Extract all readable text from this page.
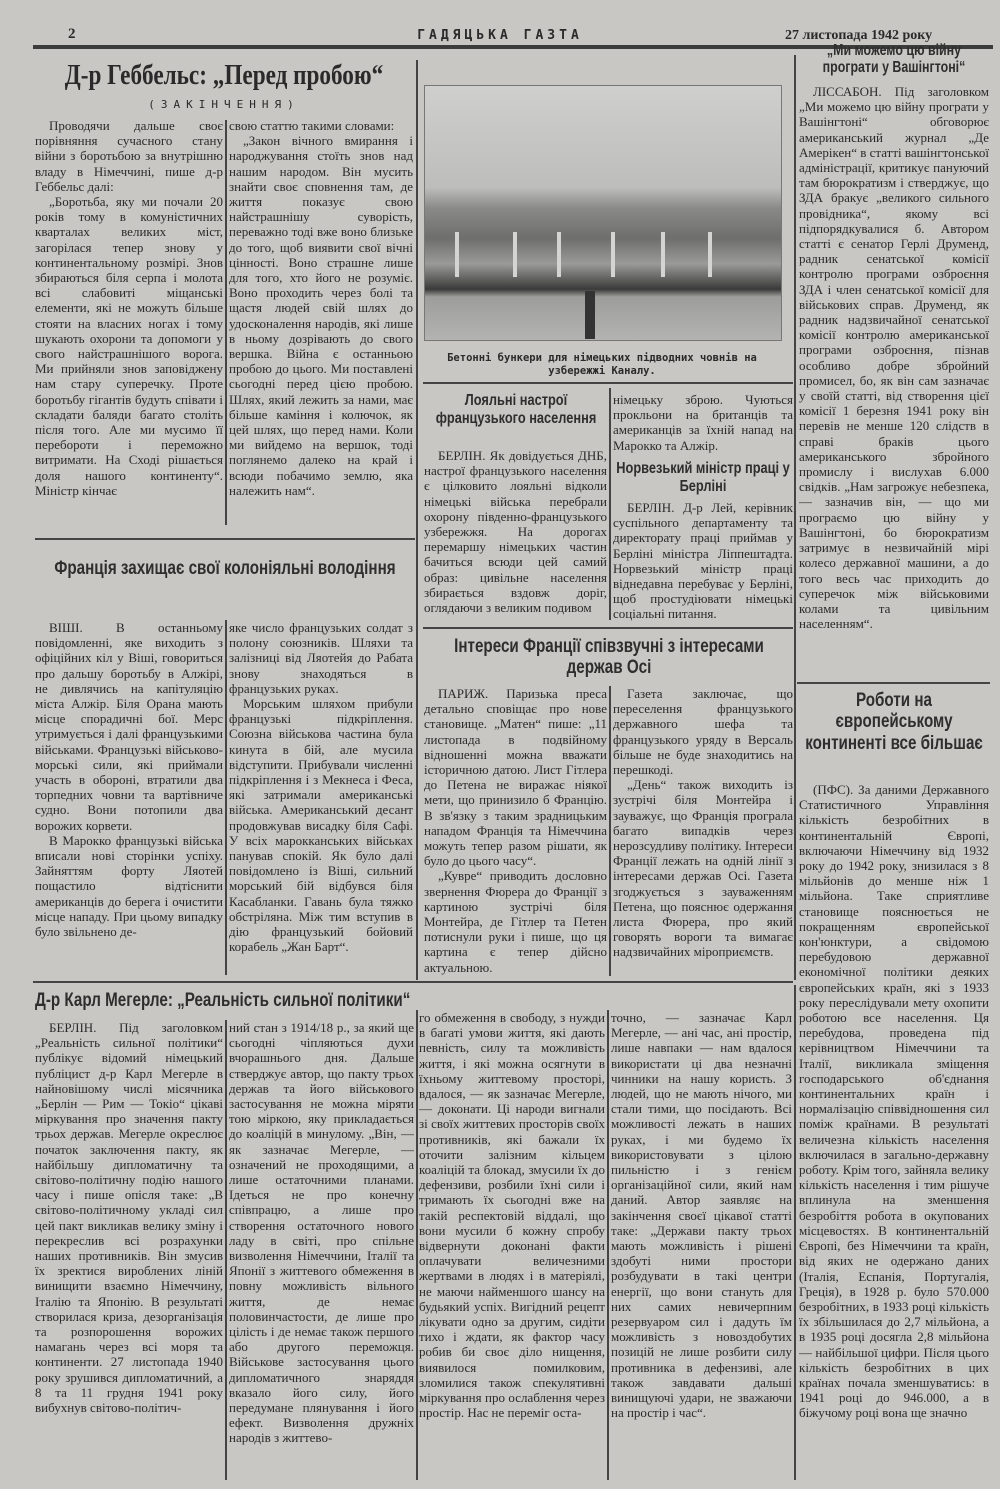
2	ГАДЯЦЬКА ГАЗТА	27 листопада 1942 року
Д-р Геббельс: „Перед пробою“
(ЗАКІНЧЕННЯ)

Проводячи дальше своє порівняння сучасного стану війни з боротьбою за внутрішню владу в Німеччині, пише д-р Геббельс далі:

„Боротьба, яку ми почали 20 років тому в комуністичних кварталах великих міст, загорілася тепер знову у континентальному розмірі. Знов збираються біля серпа і молота всі слабовиті міщанські елементи, які не можуть більше стояти на власних ногах і тому шукають охорони та допомоги у свого найстрашнішого ворога. Ми прийняли знов заповіджену нам стару суперечку. Проте боротьбу гігантів будуть співати і складати баляди багато століть після того. Але ми мусимо її перебороти і переможно витримати. На Сході рішається доля нашого континенту“. Міністр кінчає

свою статтю такими словами:

„Закон вічного вмирання і народжування стоїть знов над нашим народом. Він мусить знайти своє сповнення там, де життя показує свою найстрашнішу суворість, переважно тоді вже воно близьке до того, щоб виявити свої вічні цінності. Воно страшне лише для того, хто його не розуміє. Воно проходить через болі та щастя людей свій шлях до удосконалення народів, які лише в ньому дозрівають до свого вершка. Війна є останньою пробою до цього. Ми поставлені сьогодні перед цією пробою. Шлях, який лежить за нами, має більше каміння і колючок, як цей шлях, що перед нами. Коли ми вийдемо на вершок, тоді поглянемо далеко на край і всюди побачимо землю, яка належить нам“.

Франція захищає свої колоніяльні володіння

ВІШІ. В останньому повідомленні, яке виходить з офіційних кіл у Віші, говориться про дальшу боротьбу в Алжірі, не дивлячись на капітуляцію міста Алжір. Біля Орана мають місце спорадичні бої. Мерс утримується і далі французькими військами. Французькі військово-морські сили, які приймали участь в обороні, втратили два торпедних човни та вартівниче судно. Вони потопили два ворожих корвети.

В Марокко французькі війська вписали нові сторінки успіху. Зайняттям форту Ляотей пощастило відтіснити американців до берега і очистити місце нападу. При цьому випадку було звільнено де-

яке число французьких солдат з полону союзників. Шляхи та залізниці від Ляотейя до Рабата знову знаходяться в французьких руках.

Морським шляхом прибули французькі підкріплення. Союзна військова частина була кинута в бій, але мусила відступити. Прибували численні підкріплення і з Мекнеса і Феса, які затримали американські війська. Американський десант продовжував висадку біля Сафі. У всіх марокканських військах панував спокій. Як було далі повідомлено із Віші, сильний морський бій відбувся біля Касабланки. Гавань була тяжко обстріляна. Між тим вступив в дію французький бойовий корабель „Жан Барт“.

Бетонні бункери для німецьких підводних човнів на узбережжі Каналу.
Лояльні настрої французького населення

БЕРЛІН. Як довідується ДНБ, настрої французького населення є цілковито лояльні відколи німецькі війська перебрали охорону південно-французького узбережжя. На дорогах перемаршу німецьких частин бачиться всюди цей самий образ: цивільне населення збирається вздовж доріг, оглядаючи з великим подивом

німецьку зброю. Чуються прокльони на британців та американців за їхній напад на Марокко та Алжір.

Норвезький міністр праці у Берліні

БЕРЛІН. Д-р Лей, керівник суспільного департаменту та директорату праці приймав у Берліні міністра Ліппештадта. Норвезький міністр праці віднедавна перебуває у Берліні, щоб простудіювати німецькі соціальні питання.

Інтереси Франції співзвучні з інтересами держав Осі

ПАРИЖ. Паризька преса детально сповіщає про нове становище. „Матен“ пише: „11 листопада в подвійному відношенні можна вважати історичною датою. Лист Гітлера до Петена не виражає ніякої мети, що принизило б Францію. В зв'язку з таким зрадницьким нападом Франція та Німеччина можуть тепер разом рішати, як було до цього часу“.

„Кувре“ приводить дословно звернення Фюрера до Франції з картиною зустрічі біля Монтейра, де Гітлер та Петен потиснули руки і пише, що ця картина є тепер дійсно актуальною.

Газета заключає, що переселення французького державного шефа та французького уряду в Версаль більше не буде знаходитись на перешкоді.

„День“ також виходить із зустрічі біля Монтейра і зауважує, що Франція програла багато випадків через нерозсудливу політику. Інтереси Франції лежать на одній лінії з інтересами держав Осі. Газета згоджується з зауваженням Петена, що пояснює одержання листа Фюрера, про який говорять вороги та вимагає надзвичайних міроприємств.

„Ми можемо цю війну програти у Вашінгтоні“

ЛІССАБОН. Під заголовком „Ми можемо цю війну програти у Вашінгтоні“ обговорює американський журнал „Де Амерікен“ в статті вашінгтонської адміністрації, критикує пануючий там бюрократизм і стверджує, що ЗДА бракує „великого сильного провідника“, якому всі підпорядкувалися б. Автором статті є сенатор Герлі Друменд, радник сенатської комісії контролю програми озброєння ЗДА і член сенатської комісії для військових справ. Друменд, як радник надзвичайної сенатської комісії контролю американської програми озброєння, пізнав особливо добре збройний промисел, бо, як він сам зазначає у своїй статті, від створення цієї комісії 1 березня 1941 року він перевів не менше 120 слідств в справі браків цього американського збройного промислу і вислухав 6.000 свідків. „Нам загрожує небезпека, — зазначив він, — що ми програємо цю війну у Вашінгтоні, бо бюрократизм затримує в незвичайній мірі колесо державної машини, а до того весь час приходить до суперечок між військовими колами та цивільним населенням“.

Роботи на європейському континенті все більшає

(ПФС). За даними Державного Статистичного Управління кількість безробітних в континентальній Європі, включаючи Німеччину від 1932 року до 1942 року, знизилася з 8 мільйонів до менше ніж 1 мільйона. Таке сприятливе становище пояснюється не покращенням європейської кон'юнктури, а свідомою перебудовою державної економічної політики деяких європейських країн, які з 1933 року переслідували мету охопити роботою все населення. Ця перебудова, проведена під керівництвом Німеччини та Італії, викликала зміщення господарського об'єднання континентальних країн і нормалізацію співвідношення сил поміж країнами. В результаті величезна кількість населення включилася в загально-державну роботу. Крім того, зайняла велику кількість населення і тим рішуче вплинула на зменшення безробіття робота в окупованих місцевостях. В континентальній Європі, без Німеччини та країн, від яких не одержано даних (Італія, Еспанія, Португалія, Греція), в 1928 р. було 570.000 безробітних, в 1933 році кількість їх збільшилася до 2,7 мільйона, а в 1935 році досягла 2,8 мільйона — найбільшої цифри. Після цього кількість безробітних в цих країнах почала зменшуватись: в 1941 році до 946.000, а в біжучому році вона ще значно

Д-р Карл Мегерле: „Реальність сильної політики“

БЕРЛІН. Під заголовком „Реальність сильної політики“ публікує відомий німецький публіцист д-р Карл Мегерле в найновішому числі місячника „Берлін — Рим — Токіо“ цікаві міркування про значення пакту трьох держав. Мегерле окреслює початок заключення пакту, як найбільшу дипломатичну та світово-політичну подію нашого часу і пише опісля таке: „В світово-політичному укладі сил цей пакт викликав велику зміну і перекреслив всі розрахунки наших противників. Він змусив їх зректися вироблених ліній винищити взаємно Німеччину, Італію та Японію. В результаті створилася криза, дезорганізація та розпорошення ворожих намагань через всі моря та континенти. 27 листопада 1940 року зрушився дипломатичний, а 8 та 11 грудня 1941 року вибухнув світово-політич-

ний стан з 1914/18 р., за який ще сьогодні чіпляються духи вчорашнього дня. Дальше стверджує автор, що пакту трьох держав та його військового застосування не можна міряти тою міркою, яку прикладається до коаліцій в минулому. „Він, — як зазначає Мегерле, — означений не проходящими, а лише остаточними планами. Ідеться не про конечну співпрацю, а лише про створення остаточного нового ладу в світі, про спільне визволення Німеччини, Італії та Японії з життевого обмеження в повну можливість вільного життя, де немає половинчастости, де лише про цілість і де немає також першого або другого переможця. Військове застосування цього дипломатичного знаряддя вказало його силу, його передумане плянування і його ефект. Визволення дружніх народів з життево-

го обмеження в свободу, з нужди в багаті умови життя, які дають певність, силу та можливість життя, і які можна осягнути в їхньому життевому просторі, вдалося, — як зазначає Мегерле, — доконати. Ці народи вигнали зі своїх життевих просторів своїх противників, які бажали їх оточити залізним кільцем коаліцій та блокад, змусили їх до дефензиви, розбили їхні сили і тримають їх сьогодні вже на такій респектовій віддалі, що вони мусили б кожну спробу відвернути доконані факти оплачувати величезними жертвами в людях і в матеріялі, не маючи найменшого шансу на будьякий успіх. Вигідний рецепт лікувати одно за другим, сидіти тихо і ждати, як фактор часу робив би своє діло нищення, виявилося помилковим, зломилися також спекулятивні міркування про ослаблення через простір. Нас не переміг оста-

точно, — зазначає Карл Мегерле, — ані час, ані простір, лише навпаки — нам вдалося використати ці два незначні чинники на нашу користь. З людей, що не мають нічого, ми стали тими, що посідають. Всі можливості лежать в наших руках, і ми будемо їх використовувати з цілою пильністю і з генієм організаційної сили, який нам даний. Автор заявляє на закінчення своєї цікавої статті таке: „Держави пакту трьох мають можливість і рішені здобуті ними простори розбудувати в такі центри енергії, що вони стануть для них самих невичерпним резервуаром сил і дадуть їм можливість з новоздобутих позицій не лише розбити силу противника в дефензиві, але також завдавати дальші винищуючі удари, не зважаючи на простір і час“.
